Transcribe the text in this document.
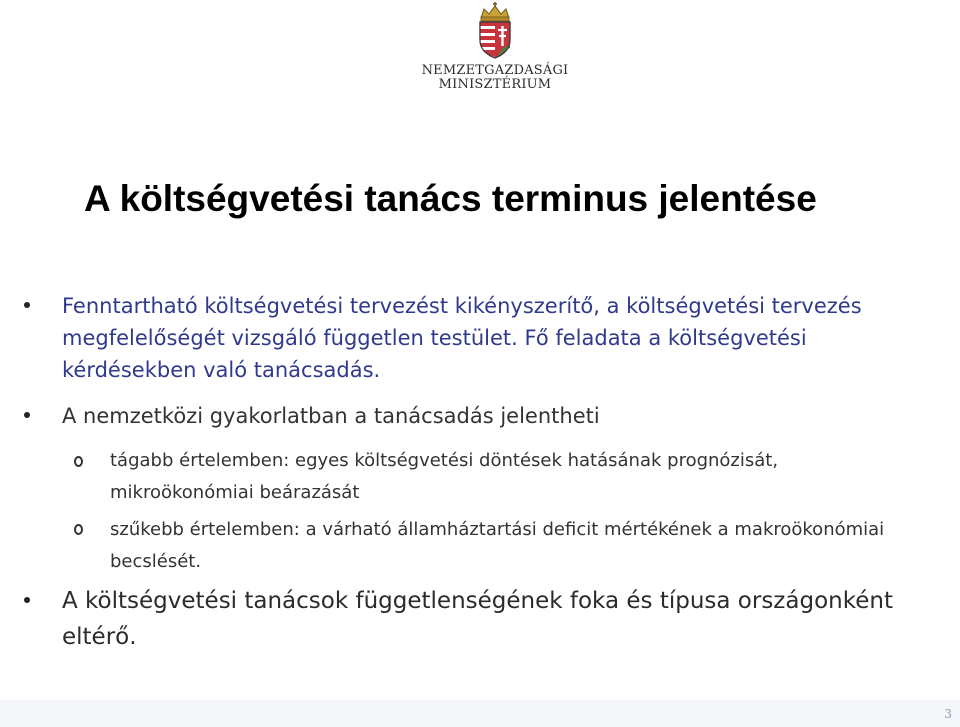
NEMZETGAZDASÁGI
MINISZTÉRIUM
A költségvetési tanács terminus jelentése
Fenntartható költségvetési tervezést kikényszerítő, a költségvetési tervezés megfelelőségét vizsgáló független testület. Fő feladata a költségvetési kérdésekben való tanácsadás.
A nemzetközi gyakorlatban a tanácsadás jelentheti
tágabb értelemben: egyes költségvetési döntések hatásának prognózisát, mikroökonómiai beárazását
szűkebb értelemben: a várható államháztartási deficit mértékének a makroökonómiai becslését.
A költségvetési tanácsok függetlenségének foka és típusa országonként eltérő.
3
